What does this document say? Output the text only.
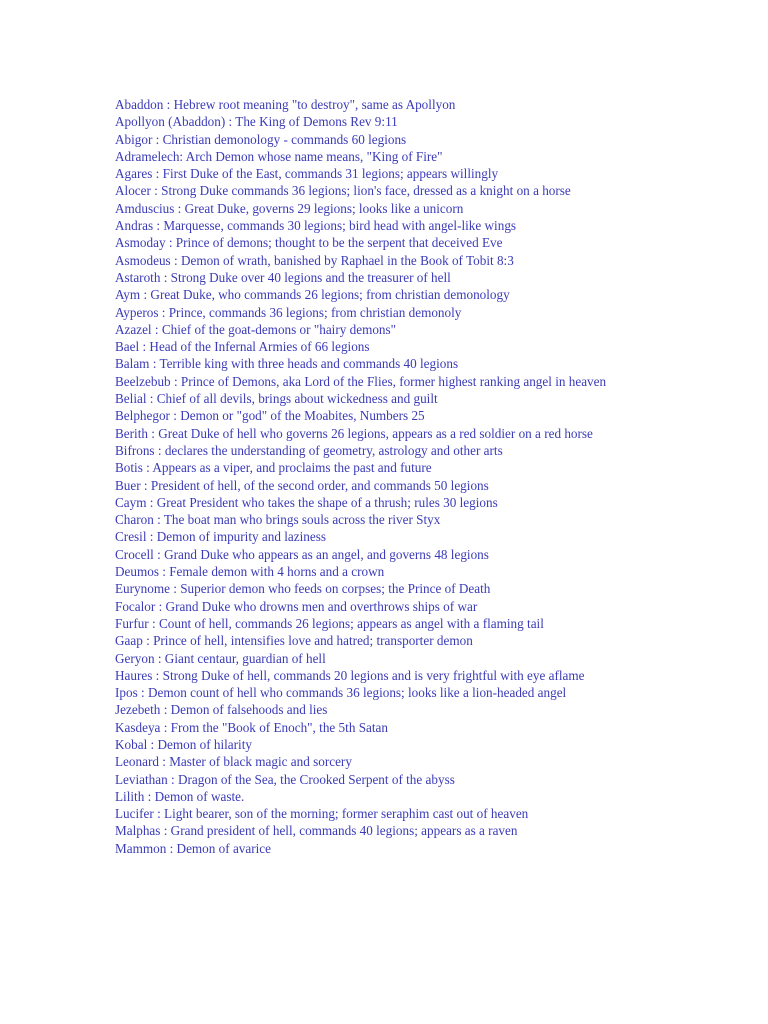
Abaddon : Hebrew root meaning "to destroy", same as Apollyon

Apollyon (Abaddon) : The King of Demons Rev 9:11

Abigor : Christian demonology - commands 60 legions

Adramelech: Arch Demon whose name means, "King of Fire"

Agares : First Duke of the East, commands 31 legions; appears willingly

Alocer : Strong Duke commands 36 legions; lion's face, dressed as a knight on a horse

Amduscius : Great Duke, governs 29 legions; looks like a unicorn

Andras : Marquesse, commands 30 legions; bird head with angel-like wings

Asmoday : Prince of demons; thought to be the serpent that deceived Eve

Asmodeus : Demon of wrath, banished by Raphael in the Book of Tobit 8:3

Astaroth : Strong Duke over 40 legions and the treasurer of hell

Aym : Great Duke, who commands 26 legions; from christian demonology

Ayperos : Prince, commands 36 legions; from christian demonoly

Azazel : Chief of the goat-demons or "hairy demons"

Bael : Head of the Infernal Armies of 66 legions

Balam : Terrible king with three heads and commands 40 legions

Beelzebub : Prince of Demons, aka Lord of the Flies, former highest ranking angel in heaven

Belial : Chief of all devils, brings about wickedness and guilt

Belphegor : Demon or "god" of the Moabites, Numbers 25

Berith : Great Duke of hell who governs 26 legions, appears as a red soldier on a red horse

Bifrons : declares the understanding of geometry, astrology and other arts

Botis : Appears as a viper, and proclaims the past and future

Buer : President of hell, of the second order, and commands 50 legions

Caym : Great President who takes the shape of a thrush; rules 30 legions

Charon : The boat man who brings souls across the river Styx

Cresil : Demon of impurity and laziness

Crocell : Grand Duke who appears as an angel, and governs 48 legions

Deumos : Female demon with 4 horns and a crown

Eurynome : Superior demon who feeds on corpses; the Prince of Death

Focalor : Grand Duke who drowns men and overthrows ships of war

Furfur : Count of hell, commands 26 legions; appears as angel with a flaming tail

Gaap : Prince of hell, intensifies love and hatred; transporter demon

Geryon : Giant centaur, guardian of hell

Haures : Strong Duke of hell, commands 20 legions and is very frightful with eye aflame

Ipos : Demon count of hell who commands 36 legions; looks like a lion-headed angel

Jezebeth : Demon of falsehoods and lies

Kasdeya : From the "Book of Enoch", the 5th Satan

Kobal : Demon of hilarity

Leonard : Master of black magic and sorcery

Leviathan : Dragon of the Sea, the Crooked Serpent of the abyss

Lilith : Demon of waste.

Lucifer : Light bearer, son of the morning; former seraphim cast out of heaven

Malphas : Grand president of hell, commands 40 legions; appears as a raven

Mammon : Demon of avarice
